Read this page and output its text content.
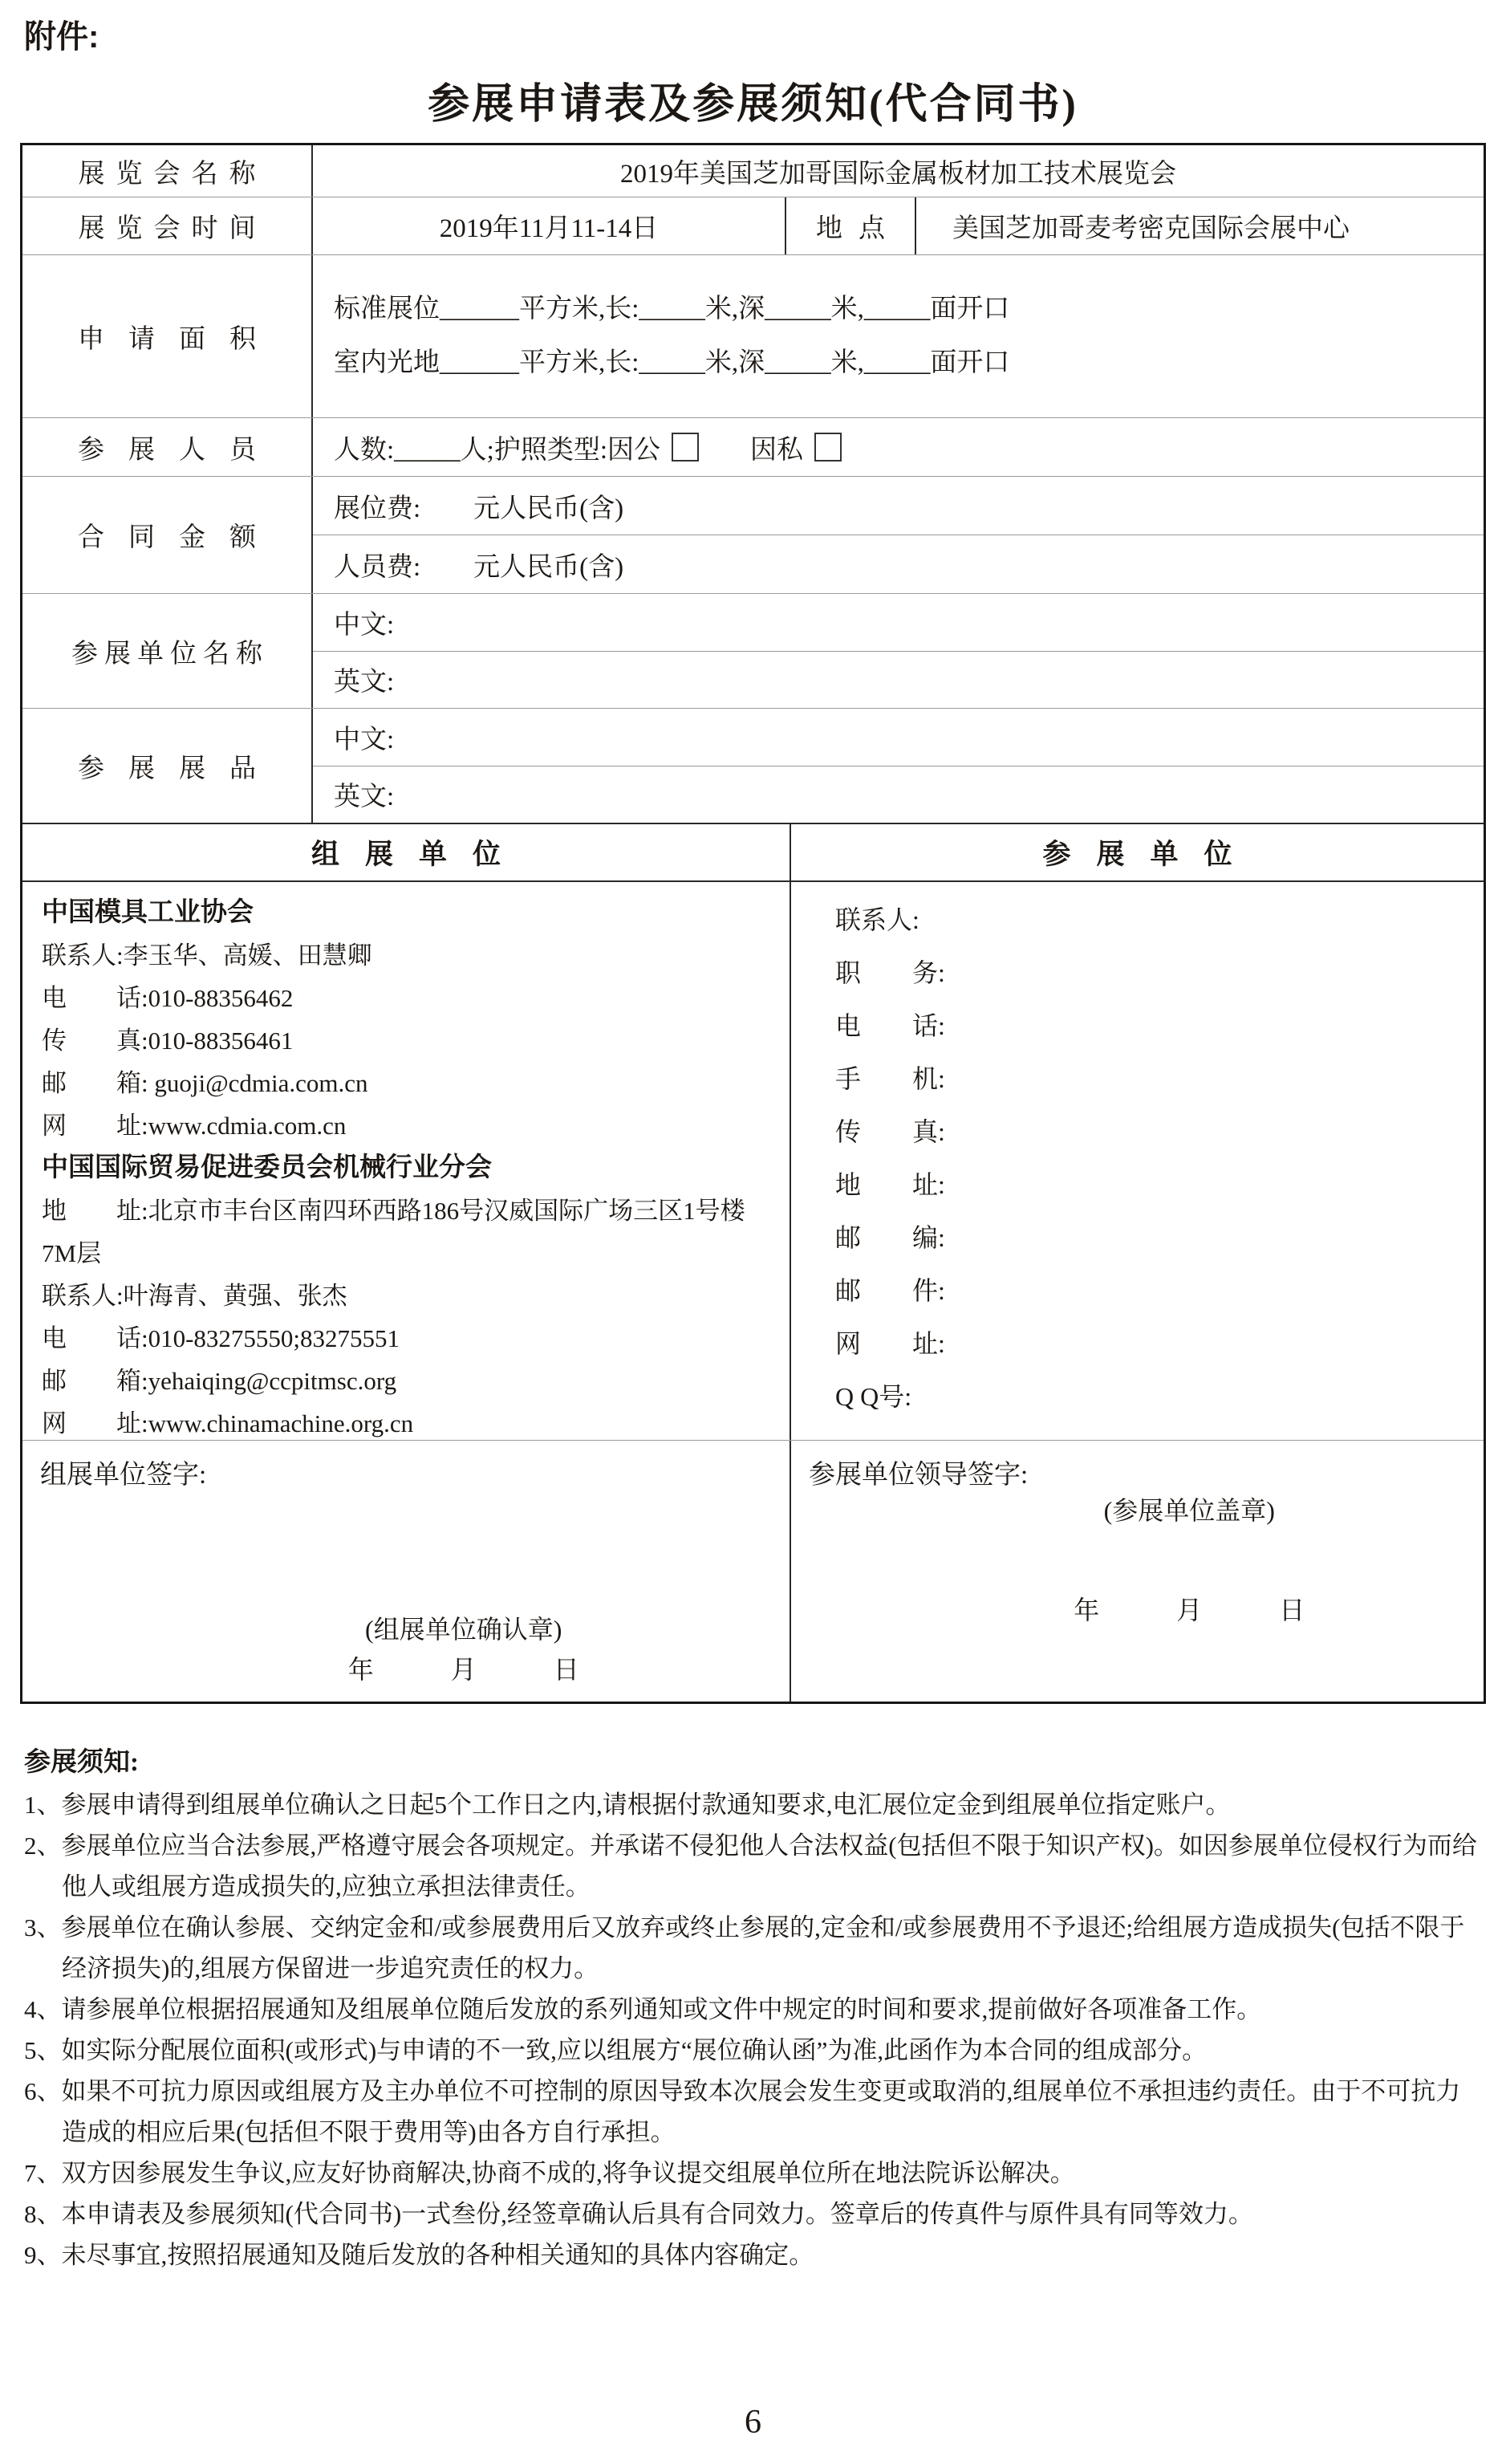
附件:
参展申请表及参展须知(代合同书)
展览会名称	2019年美国芝加哥国际金属板材加工技术展览会
展览会时间	2019年11月11-14日	地点	美国芝加哥麦考密克国际会展中心
申请面积
标准展位______平方米,长:_____米,深_____米,_____面开口
室内光地______平方米,长:_____米,深_____米,_____面开口
参展人员	人数:_____人;护照类型:因公	因私
合同金额
展位费:　　元人民币(含)
人员费:　　元人民币(含)
参展单位名称
中文:
英文:
参展展品
中文:
英文:
组展单位	参展单位
中国模具工业协会
联系人:李玉华、高媛、田慧卿
电　　话:010-88356462
传　　真:010-88356461
邮　　箱: guoji@cdmia.com.cn
网　　址:www.cdmia.com.cn
中国国际贸易促进委员会机械行业分会
地　　址:北京市丰台区南四环西路186号汉威国际广场三区1号楼7M层
联系人:叶海青、黄强、张杰
电　　话:010-83275550;83275551
邮　　箱:yehaiqing@ccpitmsc.org
网　　址:www.chinamachine.org.cn
联系人:
职　　务:
电　　话:
手　　机:
传　　真:
地　　址:
邮　　编:
邮　　件:
网　　址:
Q Q号:
组展单位签字:
(组展单位确认章)
年　　　月　　　日

参展单位领导签字:

(参展单位盖章)

年　　　月　　　日

参展须知:

1、参展申请得到组展单位确认之日起5个工作日之内,请根据付款通知要求,电汇展位定金到组展单位指定账户。

2、参展单位应当合法参展,严格遵守展会各项规定。并承诺不侵犯他人合法权益(包括但不限于知识产权)。如因参展单位侵权行为而给他人或组展方造成损失的,应独立承担法律责任。

3、参展单位在确认参展、交纳定金和/或参展费用后又放弃或终止参展的,定金和/或参展费用不予退还;给组展方造成损失(包括不限于经济损失)的,组展方保留进一步追究责任的权力。

4、请参展单位根据招展通知及组展单位随后发放的系列通知或文件中规定的时间和要求,提前做好各项准备工作。

5、如实际分配展位面积(或形式)与申请的不一致,应以组展方“展位确认函”为准,此函作为本合同的组成部分。

6、如果不可抗力原因或组展方及主办单位不可控制的原因导致本次展会发生变更或取消的,组展单位不承担违约责任。由于不可抗力造成的相应后果(包括但不限于费用等)由各方自行承担。

7、双方因参展发生争议,应友好协商解决,协商不成的,将争议提交组展单位所在地法院诉讼解决。

8、本申请表及参展须知(代合同书)一式叁份,经签章确认后具有合同效力。签章后的传真件与原件具有同等效力。

9、未尽事宜,按照招展通知及随后发放的各种相关通知的具体内容确定。

6
